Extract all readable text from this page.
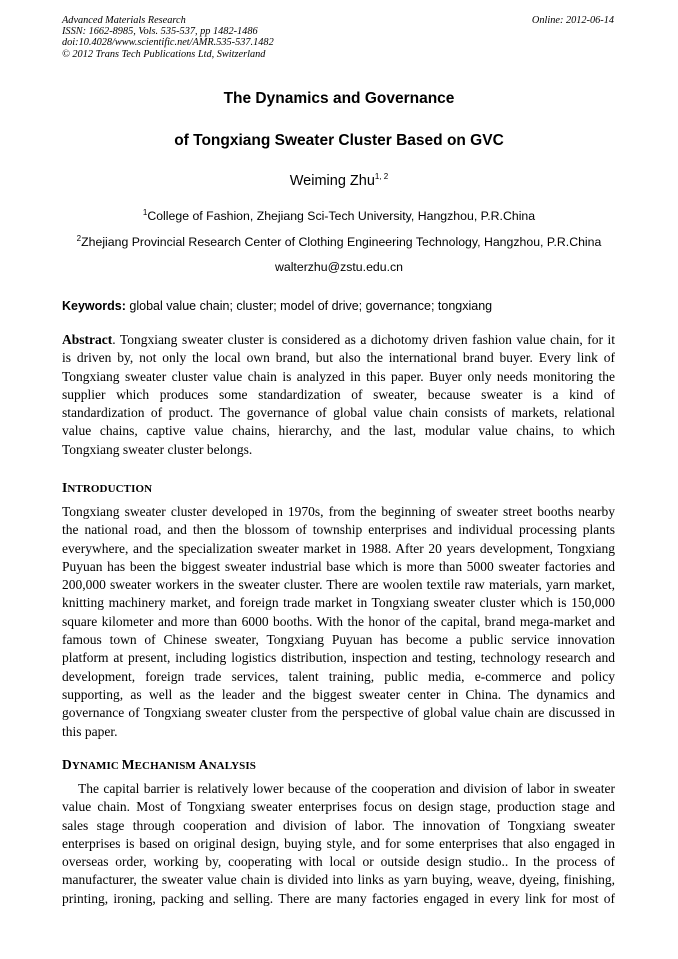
Advanced Materials Research
ISSN: 1662-8985, Vols. 535-537, pp 1482-1486
doi:10.4028/www.scientific.net/AMR.535-537.1482
© 2012 Trans Tech Publications Ltd, Switzerland
Online: 2012-06-14
The Dynamics and Governance
of Tongxiang Sweater Cluster Based on GVC
Weiming Zhu$^{1, 2}$
$^1$College of Fashion, Zhejiang Sci-Tech University, Hangzhou, P.R.China
$^2$Zhejiang Provincial Research Center of Clothing Engineering Technology, Hangzhou, P.R.China
walterzhu@zstu.edu.cn
Keywords: global value chain; cluster; model of drive; governance; tongxiang
Abstract. Tongxiang sweater cluster is considered as a dichotomy driven fashion value chain, for it
is driven by, not only the local own brand, but also the international brand buyer. Every link of
Tongxiang sweater cluster value chain is analyzed in this paper. Buyer only needs monitoring the
supplier which produces some standardization of sweater, because sweater is a kind of
standardization of product. The governance of global value chain consists of markets, relational
value chains, captive value chains, hierarchy, and the last, modular value chains, to which
Tongxiang sweater cluster belongs.
INTRODUCTION
Tongxiang sweater cluster developed in 1970s, from the beginning of sweater street booths nearby
the national road, and then the blossom of township enterprises and individual processing plants
everywhere, and the specialization sweater market in 1988. After 20 years development, Tongxiang
Puyuan has been the biggest sweater industrial base which is more than 5000 sweater factories and
200,000 sweater workers in the sweater cluster. There are woolen textile raw materials, yarn market,
knitting machinery market, and foreign trade market in Tongxiang sweater cluster which is 150,000
square kilometer and more than 6000 booths. With the honor of the capital, brand mega-market and
famous town of Chinese sweater, Tongxiang Puyuan has become a public service innovation
platform at present, including logistics distribution, inspection and testing, technology research and
development, foreign trade services, talent training, public media, e-commerce and policy
supporting, as well as the leader and the biggest sweater center in China. The dynamics and
governance of Tongxiang sweater cluster from the perspective of global value chain are discussed in
this paper.
DYNAMIC MECHANISM ANALYSIS
The capital barrier is relatively lower because of the cooperation and division of labor in sweater
value chain. Most of Tongxiang sweater enterprises focus on design stage, production stage and
sales stage through cooperation and division of labor. The innovation of Tongxiang sweater
enterprises is based on original design, buying style, and for some enterprises that also engaged in
overseas order, working by, cooperating with local or outside design studio.. In the process of
manufacturer, the sweater value chain is divided into links as yarn buying, weave, dyeing, finishing,
printing, ironing, packing and selling. There are many factories engaged in every link for most of
